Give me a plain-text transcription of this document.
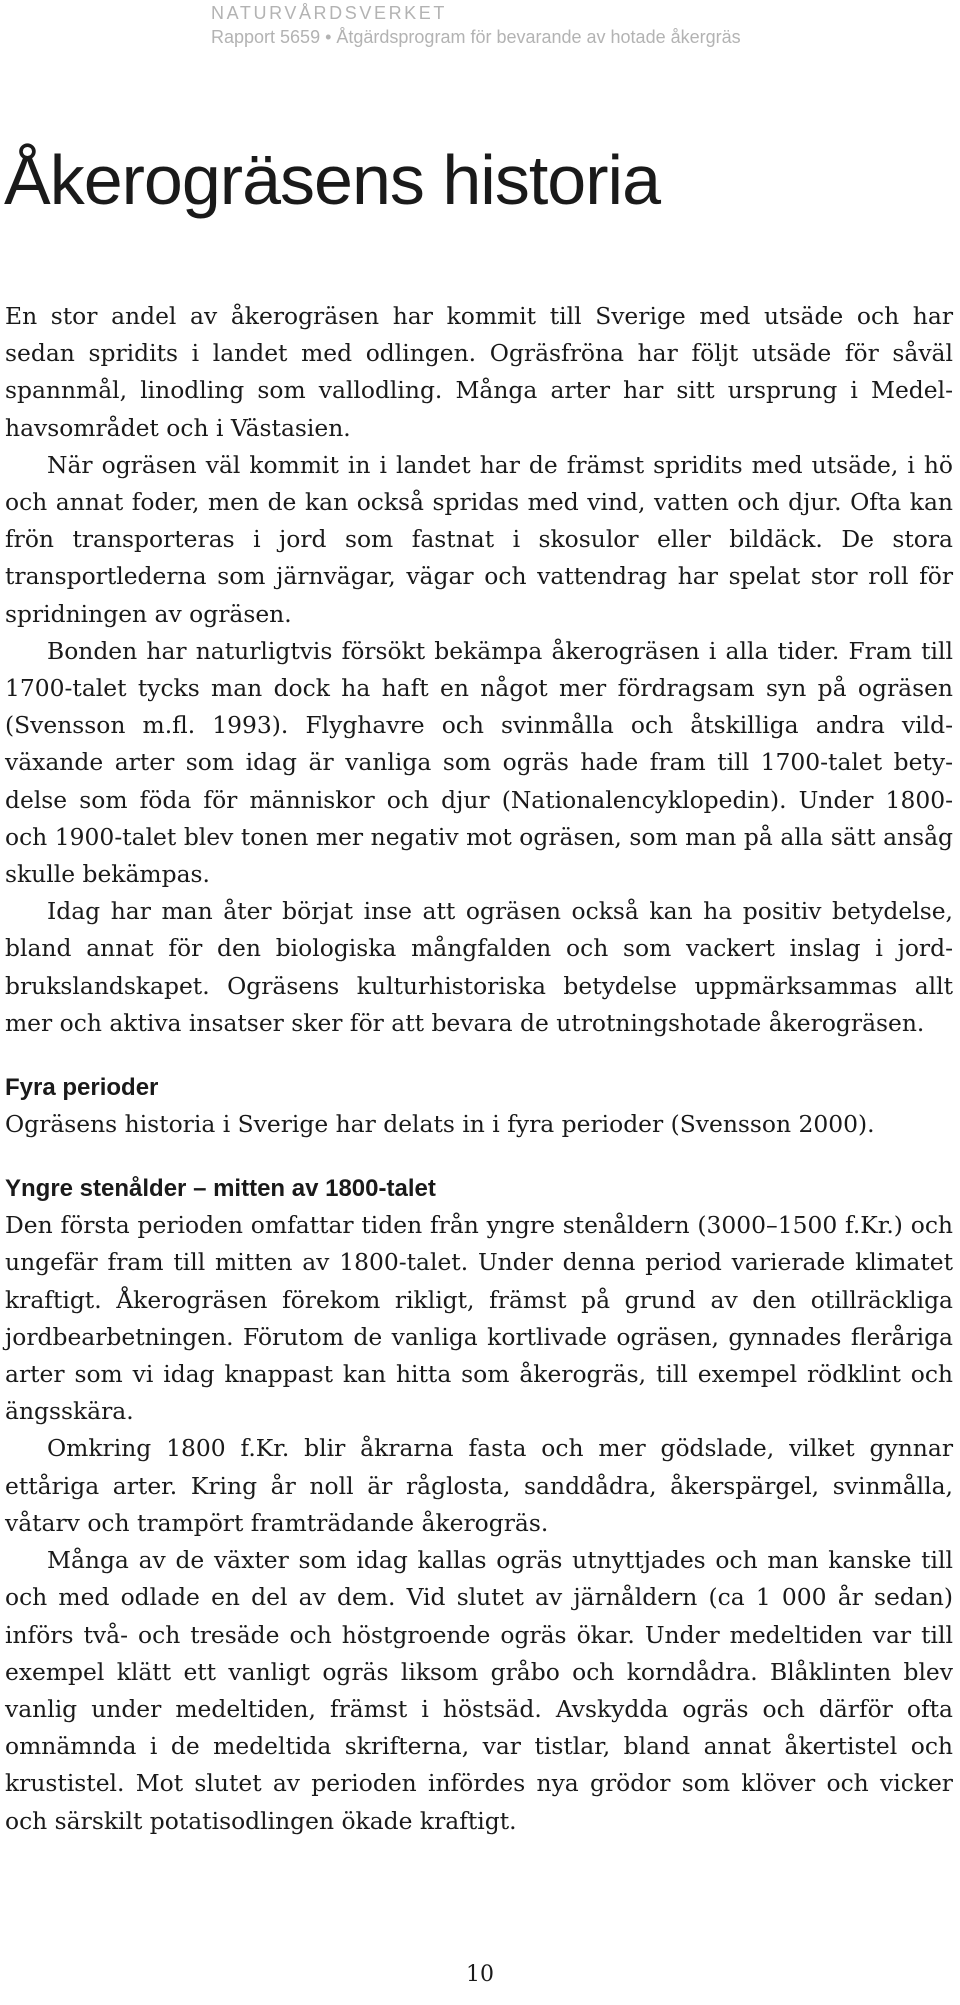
NATURVÅRDSVERKET
Rapport 5659 • Åtgärdsprogram för bevarande av hotade åkergräs
Åkerogräsens historia

En stor andel av åkerogräsen har kommit till Sverige med utsäde och har sedan spridits i landet med odlingen. Ogräsfröna har följt utsäde för såväl spannmål, linodling som vallodling. Många arter har sitt ursprung i Medelhavsområdet och i Västasien.

När ogräsen väl kommit in i landet har de främst spridits med utsäde, i hö och annat foder, men de kan också spridas med vind, vatten och djur. Ofta kan frön transporteras i jord som fastnat i skosulor eller bildäck. De stora transportlederna som järnvägar, vägar och vattendrag har spelat stor roll för spridningen av ogräsen.

Bonden har naturligtvis försökt bekämpa åkerogräsen i alla tider. Fram till 1700-talet tycks man dock ha haft en något mer fördragsam syn på ogräsen (Svensson m.fl. 1993). Flyghavre och svinmålla och åtskilliga andra vildväxande arter som idag är vanliga som ogräs hade fram till 1700-talet betydelse som föda för människor och djur (Nationalencyklopedin). Under 1800- och 1900-talet blev tonen mer negativ mot ogräsen, som man på alla sätt ansåg skulle bekämpas.

Idag har man åter börjat inse att ogräsen också kan ha positiv betydelse, bland annat för den biologiska mångfalden och som vackert inslag i jordbrukslandskapet. Ogräsens kulturhistoriska betydelse uppmärksammas allt mer och aktiva insatser sker för att bevara de utrotningshotade åkerogräsen.

Fyra perioder

Ogräsens historia i Sverige har delats in i fyra perioder (Svensson 2000).

Yngre stenålder – mitten av 1800-talet

Den första perioden omfattar tiden från yngre stenåldern (3000–1500 f.Kr.) och ungefär fram till mitten av 1800-talet. Under denna period varierade klimatet kraftigt. Åkerogräsen förekom rikligt, främst på grund av den otillräckliga jordbearbetningen. Förutom de vanliga kortlivade ogräsen, gynnades fleråriga arter som vi idag knappast kan hitta som åkerogräs, till exempel rödklint och ängsskära.

Omkring 1800 f.Kr. blir åkrarna fasta och mer gödslade, vilket gynnar ettåriga arter. Kring år noll är råglosta, sanddådra, åkerspärgel, svinmålla, våtarv och trampört framträdande åkerogräs.

Många av de växter som idag kallas ogräs utnyttjades och man kanske till och med odlade en del av dem. Vid slutet av järnåldern (ca 1 000 år sedan) införs två- och tresäde och höstgroende ogräs ökar. Under medeltiden var till exempel klätt ett vanligt ogräs liksom gråbo och korndådra. Blåklinten blev vanlig under medeltiden, främst i höstsäd. Avskydda ogräs och därför ofta omnämnda i de medeltida skrifterna, var tistlar, bland annat åkertistel och krustistel. Mot slutet av perioden infördes nya grödor som klöver och vicker och särskilt potatisodlingen ökade kraftigt.

10
